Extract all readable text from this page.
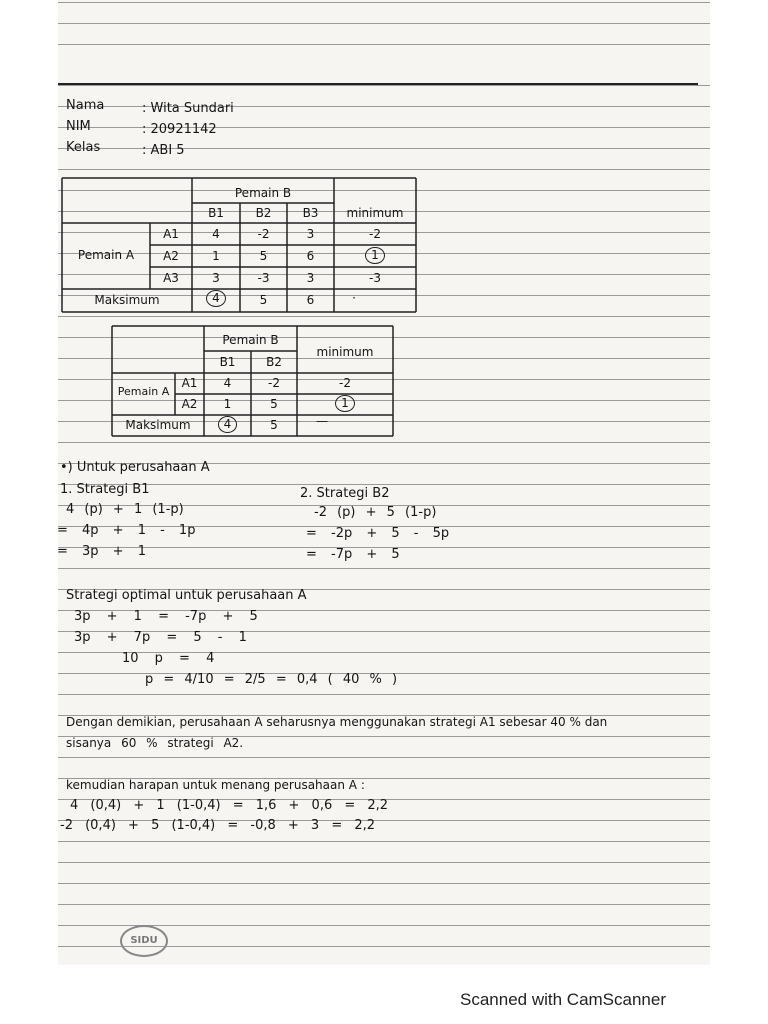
Nama	: Wita Sundari
NIM	: 20921142
Kelas	: ABI 5
Pemain B
B1	B2	B3	minimum
Pemain A
A1	4	-2	3	-2
A2	1	5	6	1
A3	3	-3	3	-3
Maksimum	4	5	6	·
Pemain B
B1	B2
minimum
Pemain A
A1	4	-2	-2
A2	1	5	1
Maksimum	4	5	—
•) Untuk perusahaan A
1. Strategi B1
4 (p) + 1 (1-p)
= 4p + 1 - 1p
= 3p + 1
2. Strategi B2
-2 (p) + 5 (1-p)
= -2p + 5 - 5p
= -7p + 5
Strategi optimal untuk perusahaan A
3p + 1 = -7p + 5
3p + 7p = 5 - 1
10 p = 4
p = 4/10 = 2/5 = 0,4 ( 40 % )
Dengan demikian, perusahaan A seharusnya menggunakan strategi A1 sebesar 40 % dan
sisanya 60 % strategi A2.
kemudian harapan untuk menang perusahaan A :
4 (0,4) + 1 (1-0,4) = 1,6 + 0,6 = 2,2
-2 (0,4) + 5 (1-0,4) = -0,8 + 3 = 2,2
SIDU
Scanned with CamScanner
